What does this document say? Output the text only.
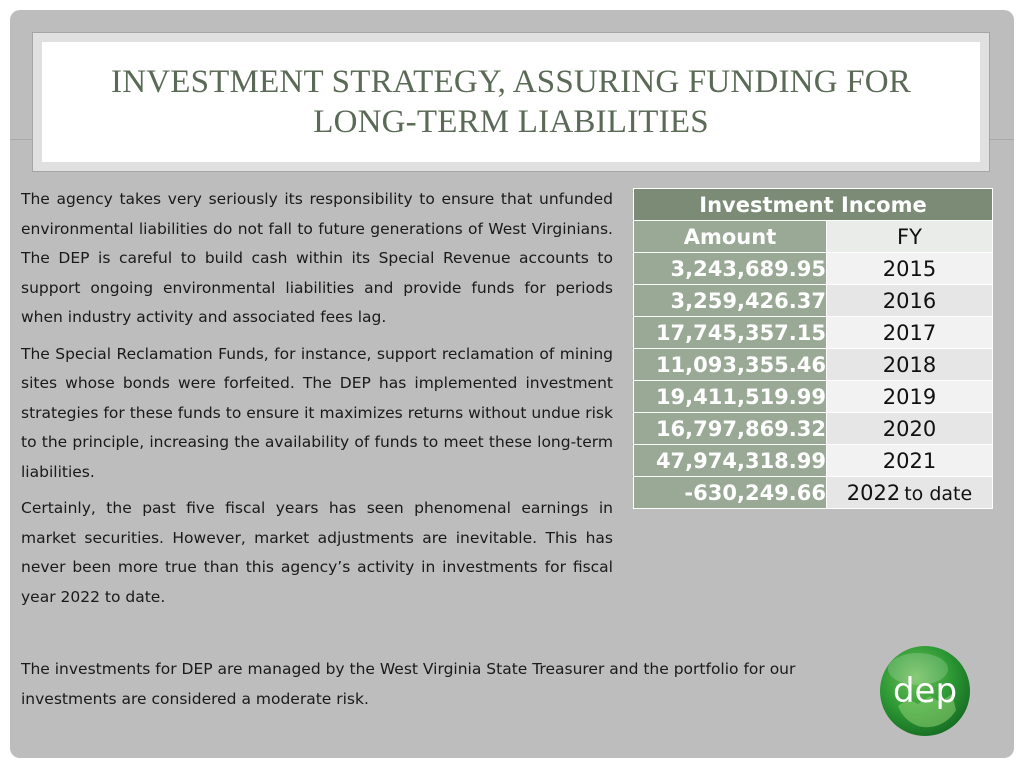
INVESTMENT STRATEGY, ASSURING FUNDING FOR LONG-TERM LIABILITIES

The agency takes very seriously its responsibility to ensure that unfunded environmental liabilities do not fall to future generations of West Virginians. The DEP is careful to build cash within its Special Revenue accounts to support ongoing environmental liabilities and provide funds for periods when industry activity and associated fees lag.

The Special Reclamation Funds, for instance, support reclamation of mining sites whose bonds were forfeited. The DEP has implemented investment strategies for these funds to ensure it maximizes returns without undue risk to the principle, increasing the availability of funds to meet these long-term liabilities.

Certainly, the past five fiscal years has seen phenomenal earnings in market securities. However, market adjustments are inevitable. This has never been more true than this agency’s activity in investments for fiscal year 2022 to date.

Investment Income	
Amount	FY
3,243,689.95	2015
3,259,426.37	2016
17,745,357.15	2017
11,093,355.46	2018
19,411,519.99	2019
16,797,869.32	2020
47,974,318.99	2021
-630,249.66	2022 to date
The investments for DEP are managed by the West Virginia State Treasurer and the portfolio for our investments are considered a moderate risk.	dep
